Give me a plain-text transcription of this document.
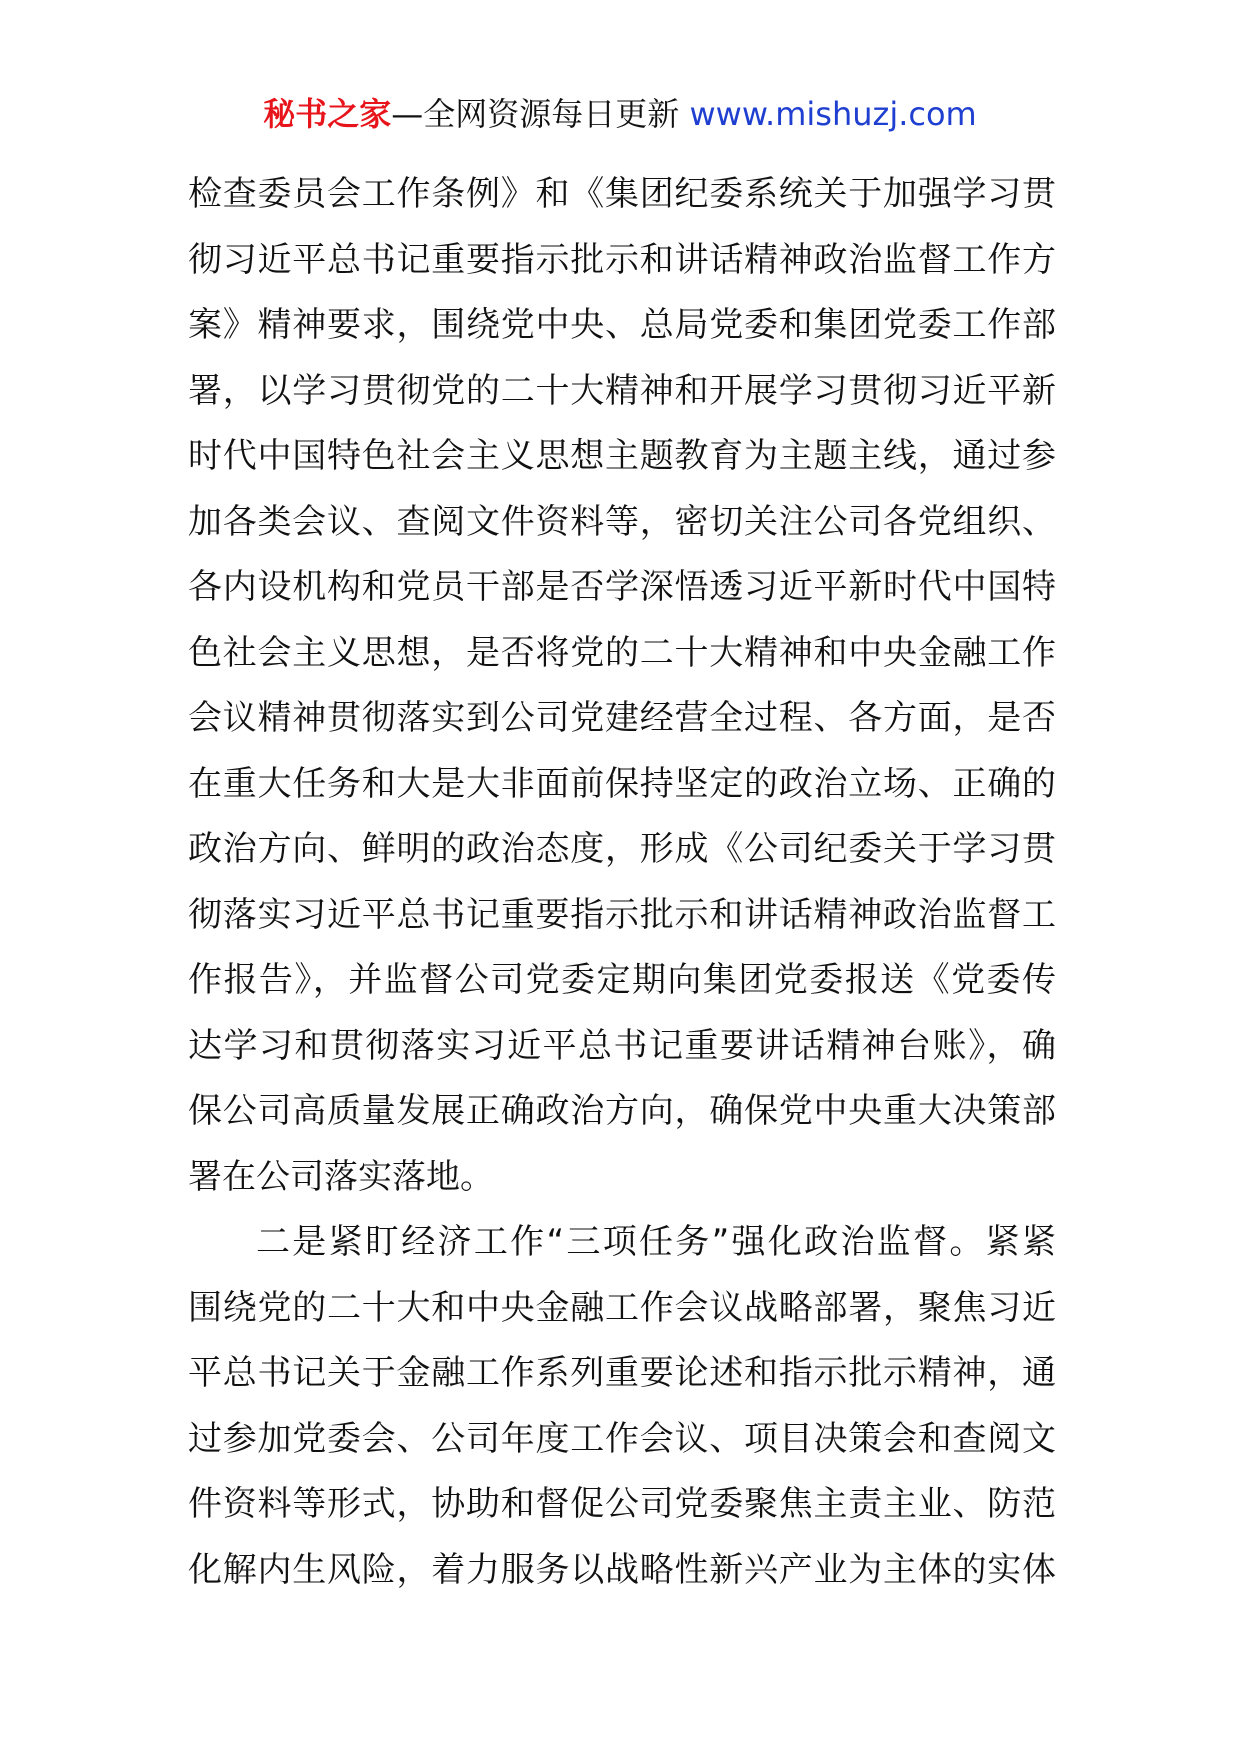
秘书之家—全网资源每日更新 www.mishuzj.com
检查委员会工作条例》和《集团纪委系统关于加强学习贯
彻习近平总书记重要指示批示和讲话精神政治监督工作方
案》精神要求，围绕党中央、总局党委和集团党委工作部
署，以学习贯彻党的二十大精神和开展学习贯彻习近平新
时代中国特色社会主义思想主题教育为主题主线，通过参
加各类会议、查阅文件资料等，密切关注公司各党组织、
各内设机构和党员干部是否学深悟透习近平新时代中国特
色社会主义思想，是否将党的二十大精神和中央金融工作
会议精神贯彻落实到公司党建经营全过程、各方面，是否
在重大任务和大是大非面前保持坚定的政治立场、正确的
政治方向、鲜明的政治态度，形成《公司纪委关于学习贯
彻落实习近平总书记重要指示批示和讲话精神政治监督工
作报告》，并监督公司党委定期向集团党委报送《党委传
达学习和贯彻落实习近平总书记重要讲话精神台账》，确
保公司高质量发展正确政治方向，确保党中央重大决策部
署在公司落实落地。
二是紧盯经济工作“三项任务”强化政治监督。紧紧
围绕党的二十大和中央金融工作会议战略部署，聚焦习近
平总书记关于金融工作系列重要论述和指示批示精神，通
过参加党委会、公司年度工作会议、项目决策会和查阅文
件资料等形式，协助和督促公司党委聚焦主责主业、防范
化解内生风险，着力服务以战略性新兴产业为主体的实体
